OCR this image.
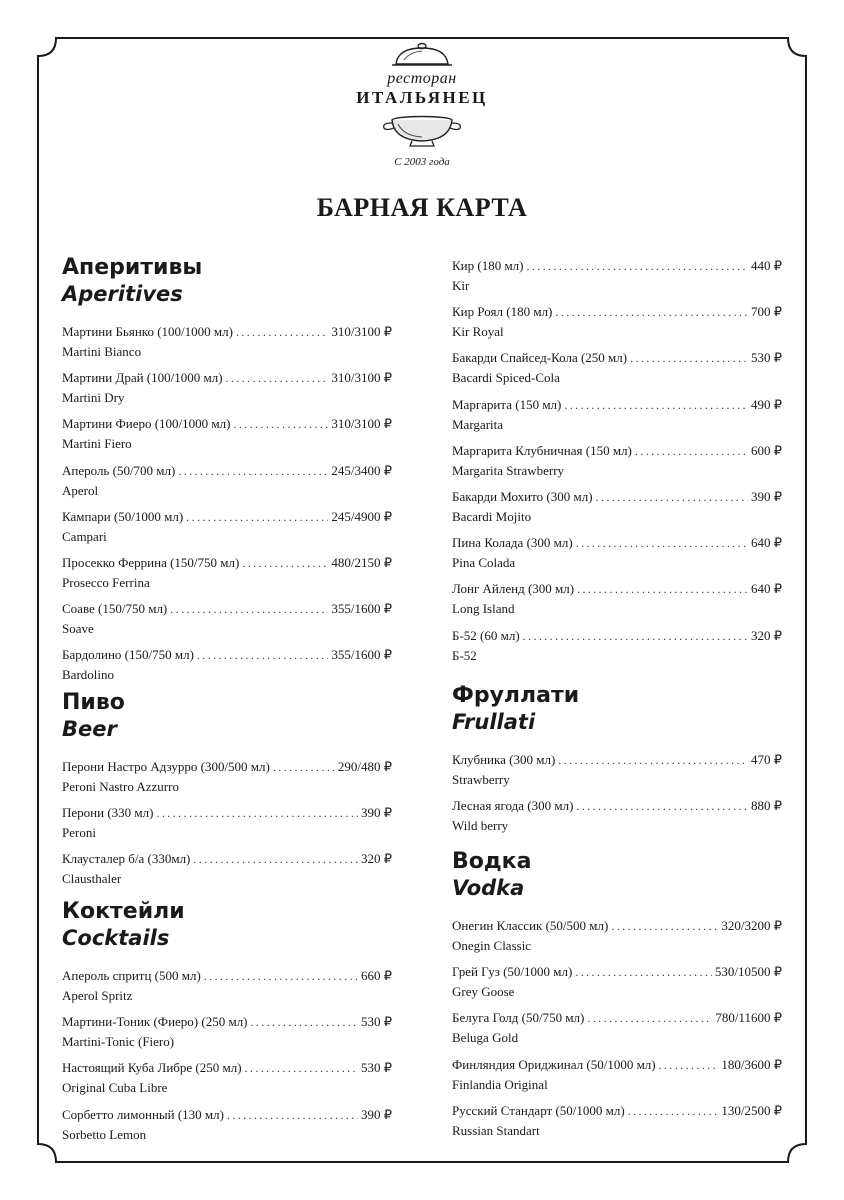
ресторан
ИТАЛЬЯНЕЦ
С 2003 года
БАРНАЯ КАРТА
Аперитивы
Aperitives
Мартини Бьянко (100/1000 мл) .....	310/3100 ₽
Martini Bianco
Мартини Драй (100/1000 мл) .....	310/3100 ₽
Martini Dry
Мартини Фиеро (100/1000 мл) .....	310/3100 ₽
Martini Fiero
Апероль (50/700 мл) .....	245/3400 ₽
Aperol
Кампари (50/1000 мл) .....	245/4900 ₽
Campari
Просекко Феррина (150/750 мл) .....	480/2150 ₽
Prosecco Ferrina
Соаве (150/750 мл) .....	355/1600 ₽
Soave
Бардолино (150/750 мл) .....	355/1600 ₽
Bardolino
Пиво
Beer
Перони Настро Адзурро (300/500 мл) .....	290/480 ₽
Peroni Nastro Azzurro
Перони (330 мл) .....	390 ₽
Peroni
Клаусталер б/а (330мл) .....	320 ₽
Clausthaler
Коктейли
Cocktails
Апероль спритц (500 мл) .....	660 ₽
Aperol Spritz
Мартини-Тоник (Фиеро) (250 мл) .....	530 ₽
Martini-Tonic (Fiero)
Настоящий Куба Либре (250 мл) .....	530 ₽
Original Cuba Libre
Сорбетто лимонный (130 мл) .....	390 ₽
Sorbetto Lemon
Кир (180 мл) .....	440 ₽
Kir
Кир Роял (180 мл) .....	700 ₽
Kir Royal
Бакарди Спайсед-Кола (250 мл) .....	530 ₽
Bacardi Spiced-Cola
Маргарита (150 мл) .....	490 ₽
Margarita
Маргарита Клубничная (150 мл) .....	600 ₽
Margarita Strawberry
Бакарди Мохито (300 мл) .....	390 ₽
Bacardi Mojito
Пина Колада (300 мл) .....	640 ₽
Pina Colada
Лонг Айленд (300 мл) .....	640 ₽
Long Island
Б-52 (60 мл) .....	320 ₽
Б-52
Фруллати
Frullati
Клубника (300 мл) .....	470 ₽
Strawberry
Лесная ягода (300 мл) .....	880 ₽
Wild berry
Водка
Vodka
Онегин Классик (50/500 мл) .....	320/3200 ₽
Onegin Classic
Грей Гуз (50/1000 мл) .....	530/10500 ₽
Grey Goose
Белуга Голд (50/750 мл) .....	780/11600 ₽
Beluga Gold
Финляндия Ориджинал (50/1000 мл) .....	180/3600 ₽
Finlandia Original
Русский Стандарт (50/1000 мл) .....	130/2500 ₽
Russian Standart
